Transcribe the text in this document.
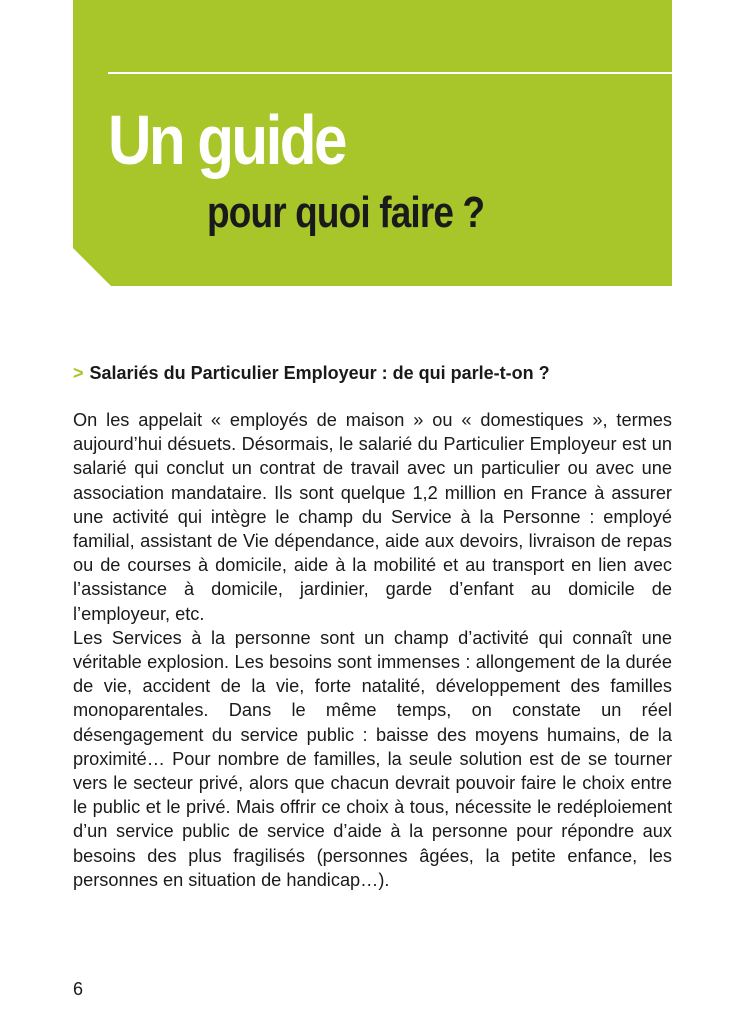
Un guide
pour quoi faire ?
> Salariés du Particulier Employeur : de qui parle-t-on ?

On les appelait « employés de maison » ou « domestiques », termes aujourd’hui désuets. Désormais, le salarié du Particulier Employeur est un salarié qui conclut un contrat de travail avec un particulier ou avec une association mandataire. Ils sont quelque 1,2 million en France à assurer une activité qui intègre le champ du Service à la Personne : employé familial, assistant de Vie dépendance, aide aux devoirs, livraison de repas ou de courses à domicile, aide à la mobilité et au transport en lien avec l’assistance à domicile, jardinier, garde d’enfant au domicile de l’employeur, etc.

Les Services à la personne sont un champ d’activité qui connaît une véritable explosion. Les besoins sont immenses : allongement de la durée de vie, accident de la vie, forte natalité, développement des familles monoparentales. Dans le même temps, on constate un réel désengagement du service public : baisse des moyens humains, de la proximité… Pour nombre de familles, la seule solution est de se tourner vers le secteur privé, alors que chacun devrait pouvoir faire le choix entre le public et le privé. Mais offrir ce choix à tous, nécessite le redéploiement d’un service public de service d’aide à la personne pour répondre aux besoins des plus fragilisés (personnes âgées, la petite enfance, les personnes en situation de handicap…).

6
